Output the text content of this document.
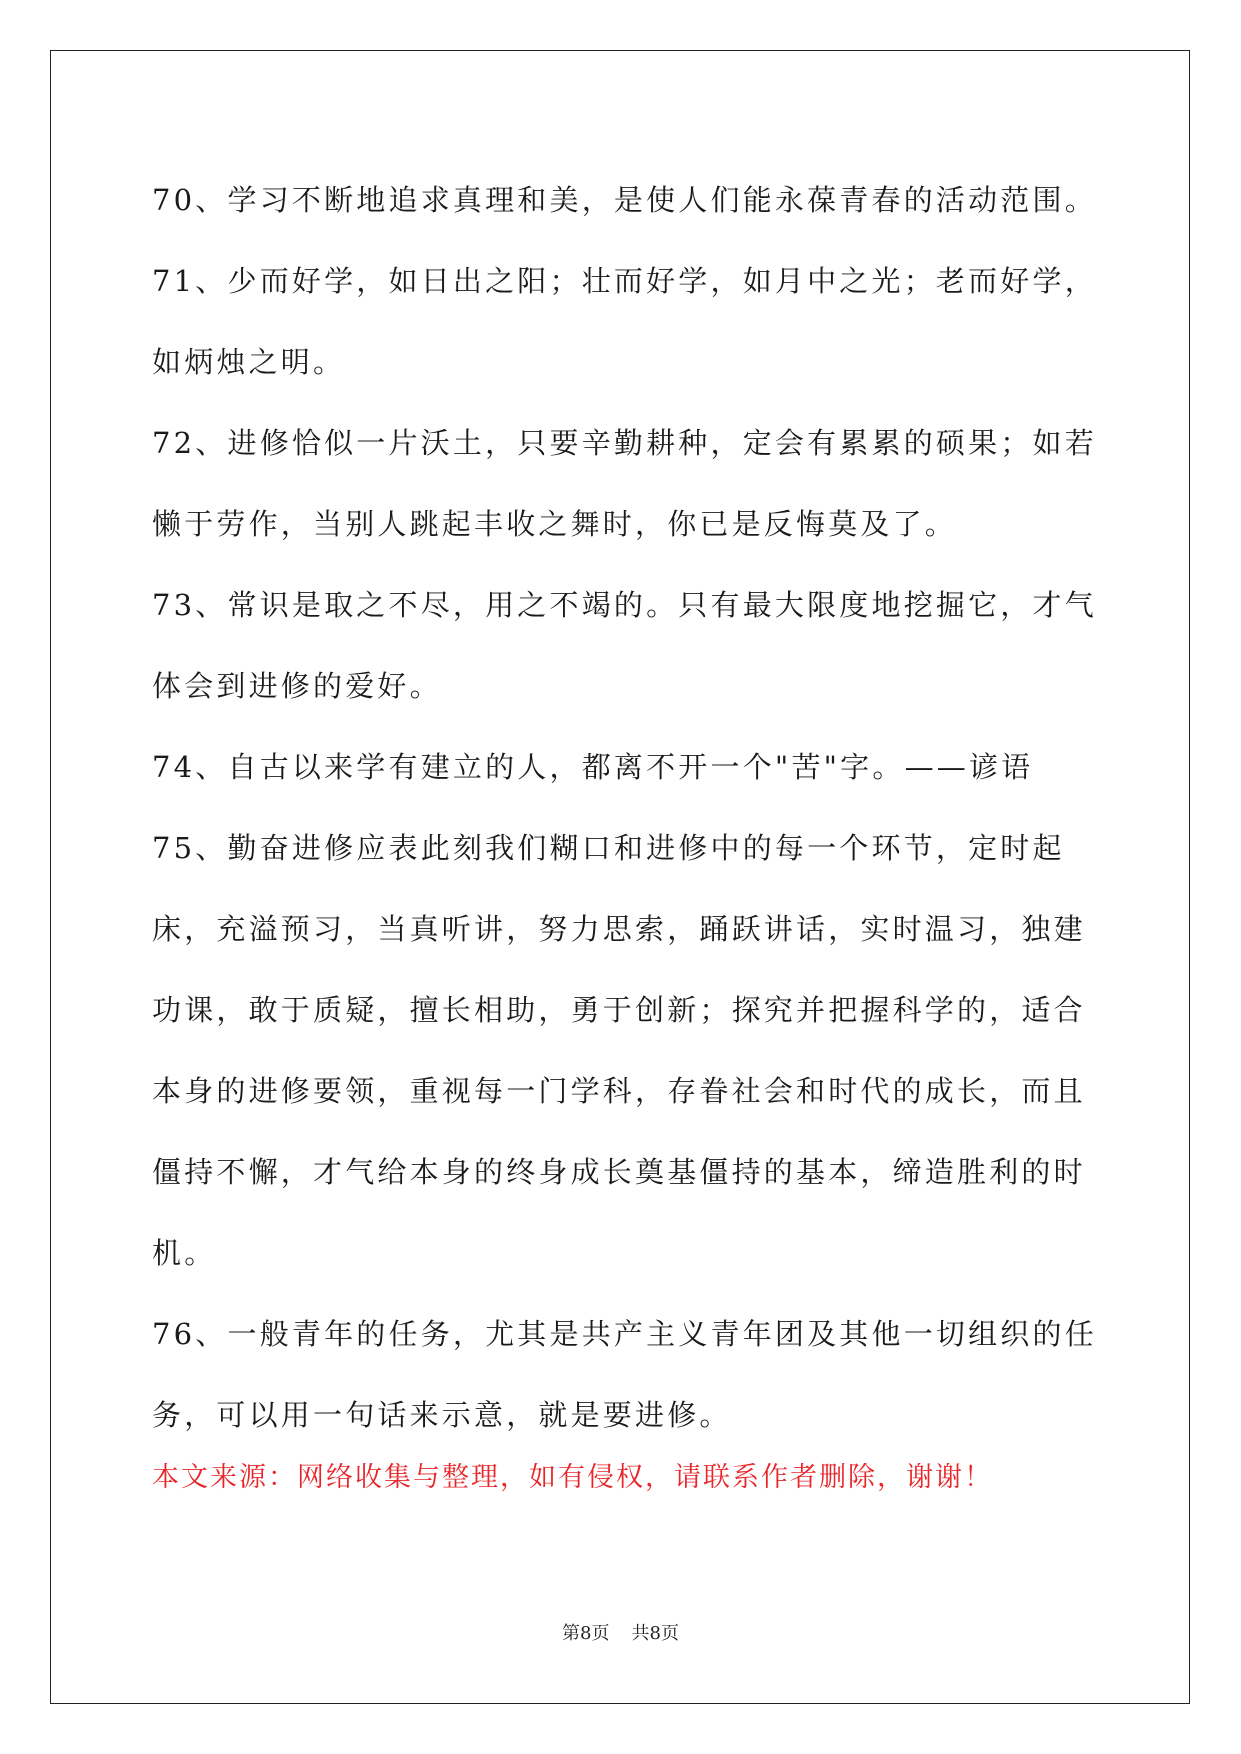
70、学习不断地追求真理和美，是使人们能永葆青春的活动范围。

71、少而好学，如日出之阳；壮而好学，如月中之光；老而好学，如炳烛之明。

72、进修恰似一片沃土，只要辛勤耕种，定会有累累的硕果；如若懒于劳作，当别人跳起丰收之舞时，你已是反悔莫及了。

73、常识是取之不尽，用之不竭的。只有最大限度地挖掘它，才气体会到进修的爱好。

74、自古以来学有建立的人，都离不开一个"苦"字。——谚语

75、勤奋进修应表此刻我们糊口和进修中的每一个环节，定时起床，充溢预习，当真听讲，努力思索，踊跃讲话，实时温习，独建功课，敢于质疑，擅长相助，勇于创新；探究并把握科学的，适合本身的进修要领，重视每一门学科，存眷社会和时代的成长，而且僵持不懈，才气给本身的终身成长奠基僵持的基本，缔造胜利的时机。

76、一般青年的任务，尤其是共产主义青年团及其他一切组织的任务，可以用一句话来示意，就是要进修。

本文来源：网络收集与整理，如有侵权，请联系作者删除，谢谢！
第8页 共8页
